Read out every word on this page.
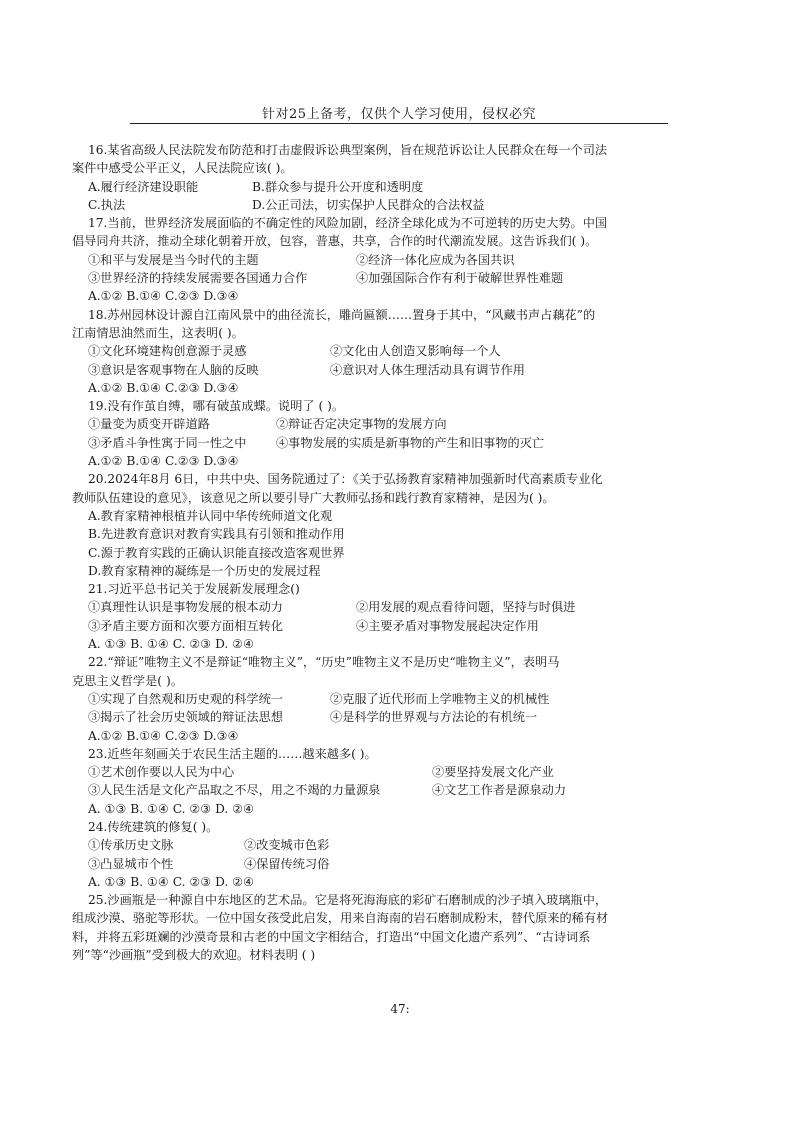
针对25上备考，仅供个人学习使用，侵权必究
16.某省高级人民法院发布防范和打击虚假诉讼典型案例，旨在规范诉讼让人民群众在每一个司法
案件中感受公平正义，人民法院应该( )。
A.履行经济建设职能	B.群众参与提升公开度和透明度
C.执法	D.公正司法，切实保护人民群众的合法权益
17.当前，世界经济发展面临的不确定性的风险加剧，经济全球化成为不可逆转的历史大势。中国
倡导同舟共济，推动全球化朝着开放，包容，普惠，共享，合作的时代潮流发展。这告诉我们( )。
①和平与发展是当今时代的主题	②经济一体化应成为各国共识
③世界经济的持续发展需要各国通力合作	④加强国际合作有利于破解世界性难题
A.①② B.①④ C.②③ D.③④
18.苏州园林设计源自江南风景中的曲径流长，雕尚匾额……置身于其中，“风藏书声占藕花”的
江南情思油然而生，这表明( )。
①文化环境建构创意源于灵感	②文化由人创造又影响每一个人
③意识是客观事物在人脑的反映	④意识对人体生理活动具有调节作用
A.①② B.①④ C.②③ D.③④
19.没有作茧自缚，哪有破茧成蝶。说明了 ( )。
①量变为质变开辟道路	②辩证否定决定事物的发展方向
③矛盾斗争性寓于同一性之中	④事物发展的实质是新事物的产生和旧事物的灭亡
A.①② B.①④ C.②③ D.③④
20.2024年8月 6日，中共中央、国务院通过了：《关于弘扬教育家精神加强新时代高素质专业化
教师队伍建设的意见》，该意见之所以要引导广大教师弘扬和践行教育家精神，是因为( )。
A.教育家精神根植并认同中华传统师道文化观
B.先进教育意识对教育实践具有引领和推动作用
C.源于教育实践的正确认识能直接改造客观世界
D.教育家精神的凝练是一个历史的发展过程
21.习近平总书记关于发展新发展理念()
①真理性认识是事物发展的根本动力	②用发展的观点看待问题，坚持与时俱进
③矛盾主要方面和次要方面相互转化	④主要矛盾对事物发展起决定作用
A. ①③ B. ①④ C. ②③ D. ②④
22.“辩证”唯物主义不是辩证“唯物主义”，“历史”唯物主义不是历史“唯物主义”，表明马
克思主义哲学是( )。
①实现了自然观和历史观的科学统一	②克服了近代形而上学唯物主义的机械性
③揭示了社会历史领域的辩证法思想	④是科学的世界观与方法论的有机统一
A.①② B.①④ C.②③ D.③④
23.近些年刻画关于农民生活主题的……越来越多( )。
①艺术创作要以人民为中心	②要坚持发展文化产业
③人民生活是文化产品取之不尽，用之不竭的力量源泉	④文艺工作者是源泉动力
A. ①③ B. ①④ C. ②③ D. ②④
24.传统建筑的修复( )。
①传承历史文脉	②改变城市色彩
③凸显城市个性	④保留传统习俗
A. ①③ B. ①④ C. ②③ D. ②④
25.沙画瓶是一种源自中东地区的艺术品。它是将死海海底的彩矿石磨制成的沙子填入玻璃瓶中，
组成沙漠、骆驼等形状。一位中国女孩受此启发，用来自海南的岩石磨制成粉末，替代原来的稀有材
料，并将五彩斑斓的沙漠奇景和古老的中国文字相结合，打造出“中国文化遗产系列”、“古诗词系
列”等“沙画瓶”受到极大的欢迎。材料表明 ( )
47:
